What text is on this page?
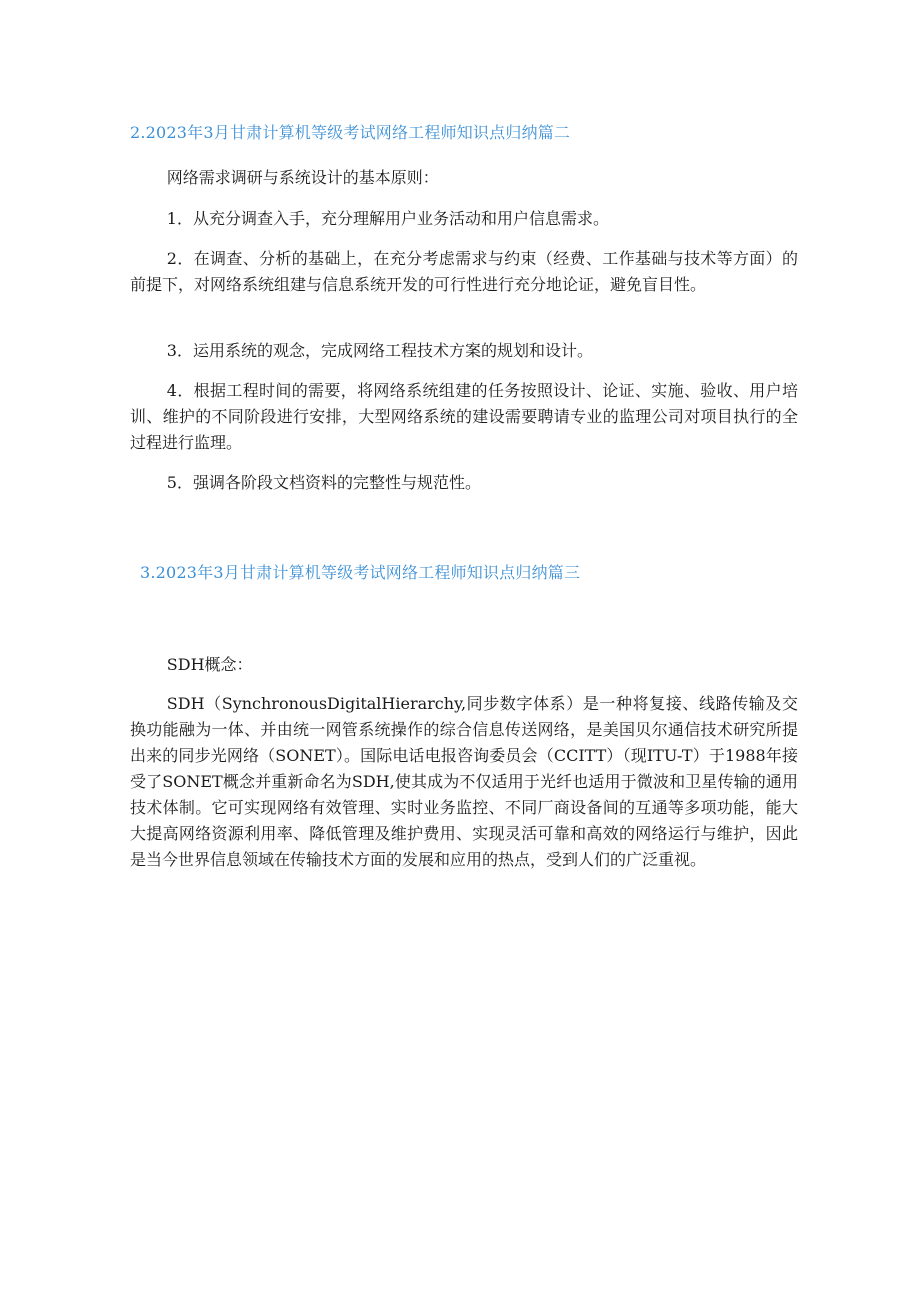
2.2023年3月甘肃计算机等级考试网络工程师知识点归纳篇二

网络需求调研与系统设计的基本原则：

1．从充分调查入手，充分理解用户业务活动和用户信息需求。

2．在调查、分析的基础上，在充分考虑需求与约束（经费、工作基础与技术等方面）的前提下，对网络系统组建与信息系统开发的可行性进行充分地论证，避免盲目性。

3．运用系统的观念，完成网络工程技术方案的规划和设计。

4．根据工程时间的需要，将网络系统组建的任务按照设计、论证、实施、验收、用户培训、维护的不同阶段进行安排，大型网络系统的建设需要聘请专业的监理公司对项目执行的全过程进行监理。

5．强调各阶段文档资料的完整性与规范性。

3.2023年3月甘肃计算机等级考试网络工程师知识点归纳篇三

SDH概念：

SDH（SynchronousDigitalHierarchy,同步数字体系）是一种将复接、线路传输及交换功能融为一体、并由统一网管系统操作的综合信息传送网络，是美国贝尔通信技术研究所提出来的同步光网络（SONET）。国际电话电报咨询委员会（CCITT）（现ITU-T）于1988年接受了SONET概念并重新命名为SDH,使其成为不仅适用于光纤也适用于微波和卫星传输的通用技术体制。它可实现网络有效管理、实时业务监控、不同厂商设备间的互通等多项功能，能大大提高网络资源利用率、降低管理及维护费用、实现灵活可靠和高效的网络运行与维护，因此是当今世界信息领域在传输技术方面的发展和应用的热点，受到人们的广泛重视。
